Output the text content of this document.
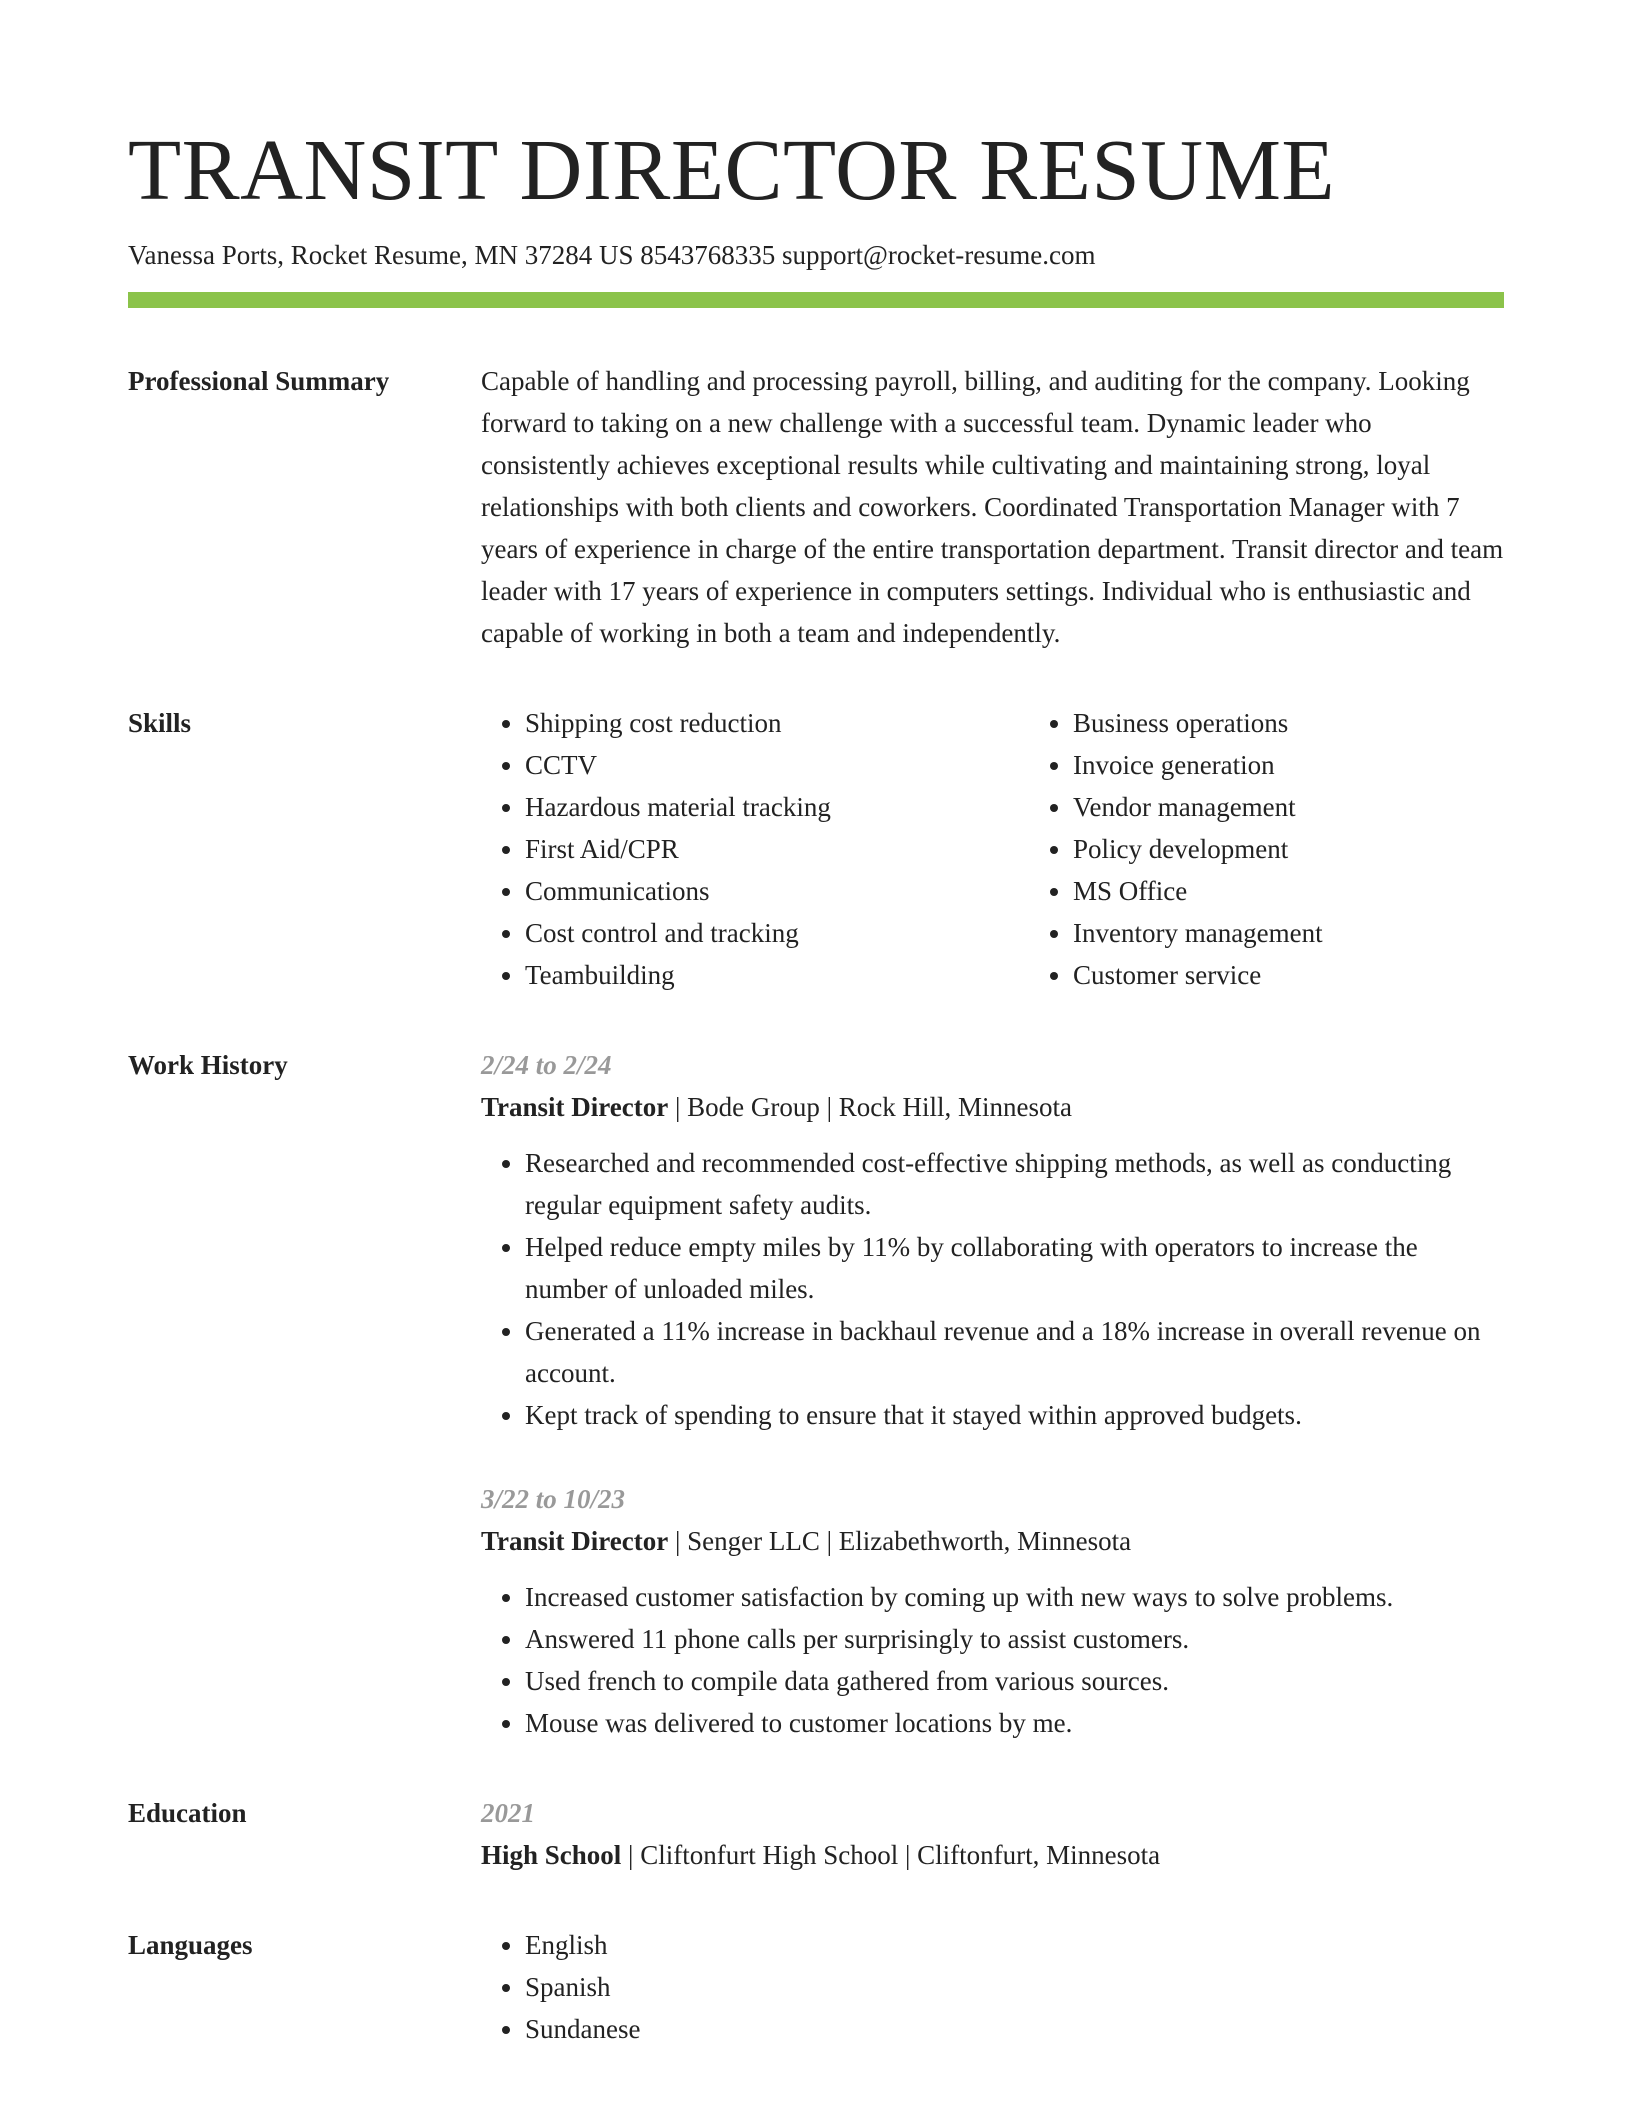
TRANSIT DIRECTOR RESUME
Vanessa Ports, Rocket Resume, MN 37284 US 8543768335 support@rocket-resume.com
Professional Summary	Capable of handling and processing payroll, billing, and auditing for the company. Looking forward to taking on a new challenge with a successful team. Dynamic leader who consistently achieves exceptional results while cultivating and maintaining strong, loyal relationships with both clients and coworkers. Coordinated Transportation Manager with 7 years of experience in charge of the entire transportation department. Transit director and team leader with 17 years of experience in computers settings. Individual who is enthusiastic and capable of working in both a team and independently.

Skills	• Shipping cost reduction
• CCTV
• Hazardous material tracking
• First Aid/CPR
• Communications
• Cost control and tracking
• Teambuilding
• Business operations
• Invoice generation
• Vendor management
• Policy development
• MS Office
• Inventory management
• Customer service
Work History	2/24 to 2/24
Transit Director | Bode Group | Rock Hill, Minnesota
• Researched and recommended cost-effective shipping methods, as well as conducting regular equipment safety audits.
• Helped reduce empty miles by 11% by collaborating with operators to increase the number of unloaded miles.
• Generated a 11% increase in backhaul revenue and a 18% increase in overall revenue on account.
• Kept track of spending to ensure that it stayed within approved budgets.
3/22 to 10/23
Transit Director | Senger LLC | Elizabethworth, Minnesota
• Increased customer satisfaction by coming up with new ways to solve problems.
• Answered 11 phone calls per surprisingly to assist customers.
• Used french to compile data gathered from various sources.
• Mouse was delivered to customer locations by me.
Education	2021
High School | Cliftonfurt High School | Cliftonfurt, Minnesota
Languages	• English
• Spanish
• Sundanese
